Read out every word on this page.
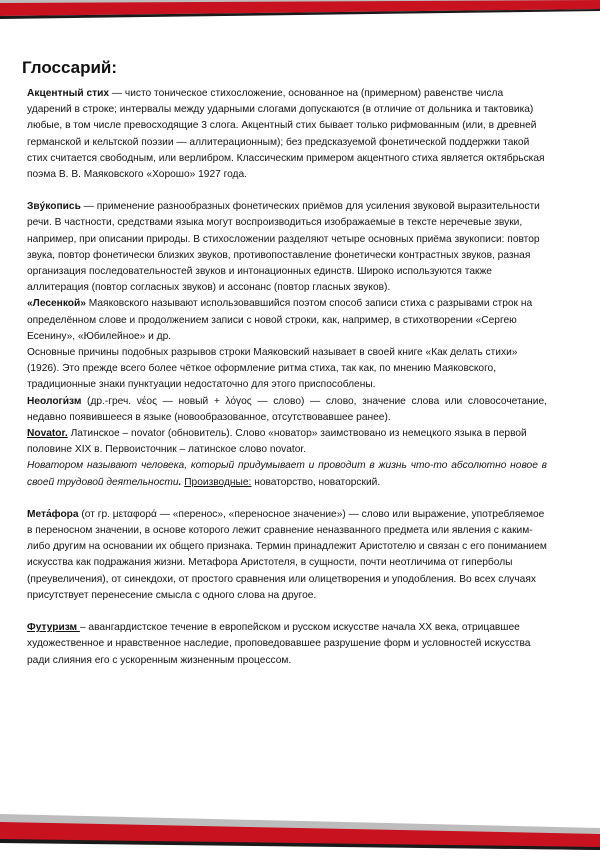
Глоссарий:

Акцентный стих — чисто тоническое стихосложение, основанное на (примерном) равенстве числа ударений в строке; интервалы между ударными слогами допускаются (в отличие от дольника и тактовика) любые, в том числе превосходящие 3 слога. Акцентный стих бывает только рифмованным (или, в древней германской и кельтской поэзии — аллитерационным); без предсказуемой фонетической поддержки такой стих считается свободным, или верлибром. Классическим примером акцентного стиха является октябрьская поэма В. В. Маяковского «Хорошо» 1927 года.

Звýкопись — применение разнообразных фонетических приёмов для усиления звуковой выразительности речи. В частности, средствами языка могут воспроизводиться изображаемые в тексте неречевые звуки, например, при описании природы. В стихосложении разделяют четыре основных приёма звукописи: повтор звука, повтор фонетически близких звуков, противопоставление фонетически контрастных звуков, разная организация последовательностей звуков и интонационных единств. Широко используются также аллитерация (повтор согласных звуков) и ассонанс (повтор гласных звуков).

«Лесенкой» Маяковского называют использовавшийся поэтом способ записи стиха с разрывами строк на определённом слове и продолжением записи с новой строки, как, например, в стихотворении «Сергею Есенину», «Юбилейное» и др.

Основные причины подобных разрывов строки Маяковский называет в своей книге «Как делать стихи» (1926). Это прежде всего более чёткое оформление ритма стиха, так как, по мнению Маяковского, традиционные знаки пунктуации недостаточно для этого приспособлены.

Неологи́зм (др.-греч. νέος — новый + λόγος — слово) — слово, значение слова или словосочетание, недавно появившееся в языке (новообразованное, отсутствовавшее ранее).

Novator. Латинское – novator (обновитель). Слово «новатор» заимствовано из немецкого языка в первой половине XIX в. Первоисточник – латинское слово novator.

Новатором называют человека, который придумывает и проводит в жизнь что-то абсолютно новое в своей трудовой деятельности. Производные: новаторство, новаторский.

Мета́фора (от гр. μεταφορά — «перенос», «переносное значение») — слово или выражение, употребляемое в переносном значении, в основе которого лежит сравнение неназванного предмета или явления с каким-либо другим на основании их общего признака. Термин принадлежит Аристотелю и связан с его пониманием искусства как подражания жизни. Метафора Аристотеля, в сущности, почти неотличима от гиперболы (преувеличения), от синекдохи, от простого сравнения или олицетворения и уподобления. Во всех случаях присутствует перенесение смысла с одного слова на другое.

Футуризм – авангардистское течение в европейском и русском искусстве начала XX века, отрицавшее художественное и нравственное наследие, проповедовавшее разрушение форм и условностей искусства ради слияния его с ускоренным жизненным процессом.
